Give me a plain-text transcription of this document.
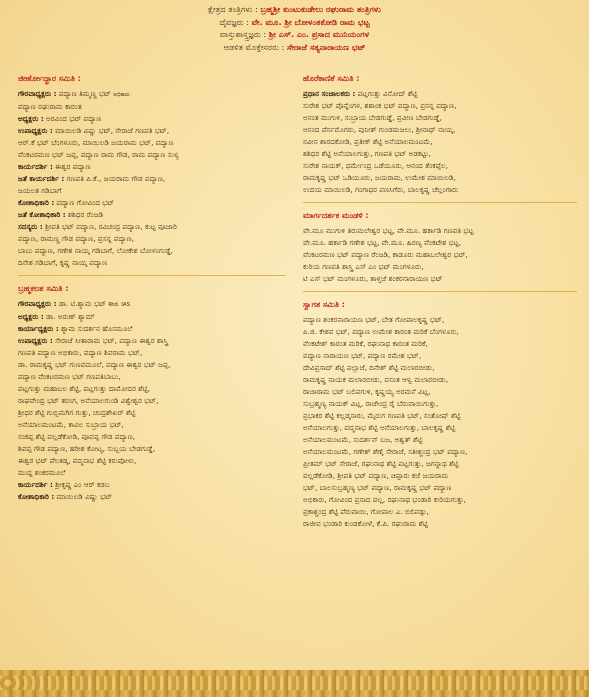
ಕ್ಷೇತ್ರದ ತಂತ್ರಿಗಳು : ಬ್ರಹ್ಮಶ್ರೀ ಕುಂಟುಕುಡೇಲು ರಘುರಾಮ ತಂತ್ರಿಗಳು
ದೈವಜ್ಞರು : ವೇ. ಮೂ. ಶ್ರೀ ಬೋಳಂತಕೋಡಿ ರಾಮ ಭಟ್ಟ
ವಾಸ್ತುಶಾಸ್ತ್ರಜ್ಞರು : ಶ್ರೀ ಎಸ್. ಎಂ. ಪ್ರಸಾದ ಮುನಿಯಂಗಳ
ಆಡಳಿತ ಮೊಕ್ತೇಸರರು : ಸೇರಾಜೆ ಸತ್ಯನಾರಾಯಣ ಭಟ್
ಜೀರ್ಣೋದ್ಧಾರ ಸಮಿತಿ :
ಗೌರವಾಧ್ಯಕ್ಷರು : ಪದ್ಯಾಣ ತಿಮ್ಮಣ್ಣ ಭಟ್ ಅಭಿಕಾರು
ಪದ್ಯಾಣ ರಘುರಾಮ ಕಾರಂತ
ಅಧ್ಯಕ್ಷರು : ಅರವಿಂದ ಭಟ್ ಪದ್ಯಾಣ
ಉಪಾಧ್ಯಕ್ಷರು : ಮಾಯಿಲಡಿ ವಿಷ್ಣು ಭಟ್, ಸೇರಾಜೆ ಗಣಪತಿ ಭಟ್,
ಆರ್.ಕೆ ಭಟ್ ಬೆಂಗಳೂರು, ಮಾಯಿಲಡಿ ಜಯರಾಮ ಭಟ್, ಪದ್ಯಾಣ
ವೆಂಕಟರಮಣ ಭಟ್ ಜಪ್ಪ, ಪದ್ಯಾಣ ರಾಮ ಗೌಡ, ರಾಮ ಪದ್ಯಾಣ ಸುಳ್ಯ
ಕಾರ್ಯದರ್ಶಿ : ಈಶ್ವರ ಪದ್ಯಾಣ
ಜತೆ ಕಾರ್ಯದರ್ಶಿ : ಗಣಪತಿ ಪಿ.ಕೆ., ಜಯರಾಮ ಗೌಡ ಪದ್ಯಾಣ,
ಜಯಲತ ಗಡಿಬಾಗೆ
ಕೋಶಾಧಿಕಾರಿ : ಪದ್ಯಾಣ ಗೋವಿಂದ ಭಟ್
ಜತೆ ಕೋಶಾಧಿಕಾರಿ : ಶಶಿಧರ ರೆಂಜಡಿ
ಸದಸ್ಯರು : ಶ್ರೀಪತಿ ಭಟ್ ಪದ್ಯಾಣ, ರವಿಚಂದ್ರ ಪದ್ಯಾಣ, ಕುಟ್ಟ ಪೂಜಾರಿ
ಪದ್ಯಾಣ, ರಾಮಣ್ಣ ಗೌಡ ಪದ್ಯಾಣ, ಪ್ರಸನ್ನ ಪದ್ಯಾಣ,
ಬಾಬು ಪದ್ಯಾಣ, ಗಣೇಶ ನಾಯ್ಕ ಗಡಿಬಾಗೆ, ಲೋಕೇಶ ಬೋಳಂಗುಡ್ಡೆ,
ದಿನೇಶ ಗಡಿಬಾಗೆ, ಕೃಷ್ಣ ನಾಯ್ಕ ಪದ್ಯಾಣ
ಬ್ರಹ್ಮಕಲಶ ಸಮಿತಿ :
ಗೌರವಾಧ್ಯಕ್ಷರು : ಡಾ. ಟಿ.ಶ್ಯಾಮ ಭಟ್ Rtd. IAS
ಅಧ್ಯಕ್ಷರು : ಡಾ. ಅರುಣ್ ಶ್ಯಾಮ್
ಕಾರ್ಯಾಧ್ಯಕ್ಷರು : ಶ್ಯಾಮ ಸುದರ್ಶನ ಹೊಸಮೂಲೆ
ಉಪಾಧ್ಯಕ್ಷರು : ಸೇರಾಜೆ ಸೀತಾರಾಮ ಭಟ್, ಪದ್ಯಾಣ ಈಶ್ವರ ಶಾಸ್ತ್ರಿ
ಗಣಪತಿ ಪದ್ಯಾಣ ಅಭಿಕಾರು, ಪದ್ಯಾಣ ಶಿವರಾಮ ಭಟ್,
ಡಾ. ರಾಮಕೃಷ್ಣ ಭಟ್ ಗುಣವಮೂಲೆ, ಪದ್ಯಾಣ ಈಶ್ವರ ಭಟ್ ಜಪ್ಪ,
ಪದ್ಯಾಣ ವೆಂಕಟರಮಣ ಭಟ್ ಗಣಪತಿಬಾಬು,
ಪಟ್ಲಗುತ್ತು ಮಹಾಬಲ ಶೆಟ್ಟಿ, ಪಟ್ಲಗುತ್ತು ದಾಮೋದರ ಶೆಟ್ಟಿ,
ರಾಘವೇಂದ್ರ ಭಟ್ ತರಂಗ, ಅನೆಯಾಲಗುಂಡಿ ವಿಶ್ವೇಶ್ವರ ಭಟ್,
ಶ್ರೀಧರ ಶೆಟ್ಟಿ ಗುಬ್ಬಿಮಗಿಗ ಗುತ್ತು, ಚಂದ್ರಶೇಖರ್ ಶೆಟ್ಟಿ
ಅನೆಯಾಲಮಂಟಮೆ, ಕಾವಿಲ ಸುಬ್ರಾಯ ಭಟ್,
ಸಂಕಪ್ಪ ಶೆಟ್ಟಿ ಪಲ್ಲಡೆಕೋಡಿ, ಪೂವಪ್ಪ ಗೌಡ ಪದ್ಯಾಣ,
ಶಿವಪ್ಪ ಗೌಡ ಪದ್ಯಾಣ, ಹರೀಶ ಕೋಟ್ಯ, ಸುಬ್ಬಯ ಬೇಡಗುಡ್ಡೆ,
ಈಶ್ವರ ಭಟ್ ಪೆಲತಡ್ಕ, ಪದ್ಮನಾಭ ಶೆಟ್ಟಿ ಕರುಪೋಳು,
ಮುದ್ದ ಶಂಕರಮೂಲೆ
ಕಾರ್ಯದರ್ಶಿ : ಶ್ರೀಕೃಷ್ಣ ಎಂ ಆರ್ ಕಡಬ
ಕೋಶಾಧಿಕಾರಿ : ಮಾಯಿಲಡಿ ವಿಷ್ಣು ಭಟ್
ಹೊರೆಕಾಣಿಕೆ ಸಮಿತಿ :
ಪ್ರಧಾನ ಸಂಚಾಲಕರು : ಪಟ್ಲಗುತ್ತು ವಿನೋದ್ ಶೆಟ್ಟಿ
ಸುರೇಶ ಭಟ್ ಪೊನ್ನೆಂಗಳ, ಶಶಾಂಕ ಭಟ್ ಪದ್ಯಾಣ, ಪ್ರಸನ್ನ ಪದ್ಯಾಣ,
ಅನಂತ ಮುಗುಳಿ, ಸುಬ್ರಾಯ ಬೇಡಗುಡ್ಡೆ, ಪ್ರವೀಣ ಬೇಡಗುಡ್ಡೆ,
ಆನಂದ ಪೆರ್ನಮೊಗರು, ಪುನೀತ್ ಗುಂಡಮಜಲು, ಶ್ರೀನಾಥ್ ನಾಯ್ಕ,
ನವೀನ ಶಾರದಕೋಡಿ, ಪ್ರತೀಕ್ ಶೆಟ್ಟಿ ಅನೆಯಾಲಮಂಟಮೆ,
ಶಶಿಧರ ಶೆಟ್ಟಿ ಅನೆಯಾಲಗುತ್ತು, ಗಣಪತಿ ಭಟ್ ಅಡಕಟ್ಟು,
ಸುರೇಶ ನಾಯಕ್, ಧರ್ಮೇಂದ್ರ ಒಡೆಯೂರು, ಆನಂದ ತೆಂಕಪ್ಪೆಲ,
ರಾಮಕೃಷ್ಣ ಭಟ್ ಒಡಿಯೂರು, ಜಯರಾಮ, ಉಮೇಶ ಮಾಯಿಲಡಿ,
ಉದಯ ಮಾಯಿಲಡಿ, ಗಂಗಾಧರ ಪಣಸಿಗೆರು, ಬಾಲಕೃಷ್ಣ ಚೆಲ್ಲಂಗಾರು
ಮಾರ್ಗದರ್ಶಕ ಮಂಡಳಿ :
ವೇ.ಮೂ ಮುಗುಳಿ ತಿರುಮಲೇಶ್ವರ ಭಟ್ಟ, ವೇ.ಮೂ. ಹರ್ಕಾಡಿ ಗಣಪತಿ ಭಟ್ಟ
ವೇ.ಮೂ. ಹರ್ಕಾಡಿ ಗಣೇಶ ಭಟ್ಟ, ವೇ.ಮೂ. ಹಿರಣ್ಯ ವೆಂಕಟೇಶ ಭಟ್ಟ,
ವೆಂಕಟರಮಣ ಭಟ್ ಪದ್ಯಾಣ ರೆಂಜಡಿ, ಕಾಡೂರು ಮಹಾಬಲೇಶ್ವರ ಭಟ್,
ಕುರಿಯ ಗಣಪತಿ ಶಾಸ್ತ್ರಿ ಎಸ್ ಎಂ ಭಟ್ ಮಂಗಳೂರು,
ಟಿ ಎಸ್ ಭಟ್ ಮಂಗಳೂರು, ತಾಳ್ತಜೆ ಶಂಕರನಾರಾಯಣ ಭಟ್
ಸ್ವಾಗತ ಸಮಿತಿ :
ಪದ್ಯಾಣ ಶಂಕರನಾರಾಯಣ ಭಟ್, ಬೇತ ಗೋಪಾಲಕೃಷ್ಣ ಭಟ್,
ಪಿ.ಜಿ. ಕೇಶವ ಭಟ್, ಪದ್ಯಾಣ ಉಮೇಶ ಕಾರಂತ ಮರಿಕೆ ಬೆಂಗಳೂರು,
ವೆಂಕಟೇಶ್ ಕಾರಂತ ಮರಿಕೆ, ರಘುನಾಥ ಕಾರಂತ ಮರಿಕೆ,
ಪದ್ಯಾಣ ನಾರಾಯಣ ಭಟ್, ಪದ್ಯಾಣ ರಮೇಶ ಭಟ್,
ದೇವಿಪ್ರಸಾದ್ ಶೆಟ್ಟಿ ಪಲ್ಲಾಜೆ, ದಿನೇಶ್ ಶೆಟ್ಟಿ ಮಲಾರಬೀಡು,
ರಾಮಕೃಷ್ಣ ನಾಯಕ ಮಲಾರಬೀಡು, ವಸಂತ ಆಳ್ವ ಮಲಾರಬೀಡು,
ರಾಜಾರಾಮ ಭಟ್ ಬಲಿಪಗುಳಿ, ಕೃಷ್ಣಯ್ಯ ಅರಮನೆ ವಿಟ್ಲ,
ಸುಬ್ರಹ್ಮಣ್ಯ ನಾಯಕ್ ವಿಟ್ಲ, ರಾಜೇಂದ್ರ ರೈ ಬೆರುವಾಯಿಗುತ್ತು,
ಪ್ರಭಾಕರ ಶೆಟ್ಟಿ ಕಲ್ಲಡ್ಕಸಾರು, ಮೈರುಗ ಗಣಪತಿ ಭಟ್, ಸಂತೋಷ್ ಶೆಟ್ಟಿ
ಅನೆಯಾಲಗುತ್ತು, ಪದ್ಮನಾಭ ಶೆಟ್ಟಿ ಅನೆಯಾಲಗುತ್ತು, ಬಾಲಕೃಷ್ಣ ಶೆಟ್ಟಿ
ಅನೆಯಾಲಮಂಟಮೆ, ಸುದರ್ಶನ್ ಬಜ, ಅಶ್ವತ್ ಶೆಟ್ಟಿ
ಅನೆಯಾಲಮಂಟಮೆ, ಗಣೇಶ್ ಶೆಣೈ ಸೇರಾಜೆ, ಸತೀಶ್ಚಂದ್ರ ಭಟ್ ಪದ್ಯಾಣ,
ಪ್ರೀತಮ್ ಭಟ್ ಸೇರಾಜೆ, ರಘುನಾಥ ಶೆಟ್ಟಿ ಪಟ್ಲಗುತ್ತು, ಜಗನ್ನಾಥ ಶೆಟ್ಟಿ
ಪಲ್ಲಡೆಕೋಡಿ, ಶ್ರೀಪತಿ ಭಟ್ ಪದ್ಯಾಣ, ಚಿಪ್ಪಾರು ಕಜೆ ಜಯರಾಮ
ಭಟ್, ಬಾಲಸುಬ್ರಹ್ಮಣ್ಯ ಭಟ್ ಪದ್ಯಾಣ, ರಾಮಕೃಷ್ಣ ಭಟ್ ಪದ್ಯಾಣ
ಅಭಿಕಾರು, ಗೋವಿಂದ ಪ್ರಸಾದ ಪಲ್ಲ, ರಘುನಾಥ ಭಂಡಾರಿ ಕುರಿಯಗುತ್ತು,
ಪ್ರಕಾಶ್ಚಂದ್ರ ಶೆಟ್ಟಿ ಪೆರುವಾಯಿ, ಗೋಪಾಲ ಎ. ಬಿಲಿಪಡ್ಪು,
ರಾಜೀವ ಭಂಡಾರಿ ಕುಂಡಕೋಳೆ, ಕೆ.ಪಿ. ರಘುರಾಮ ಶೆಟ್ಟಿ
